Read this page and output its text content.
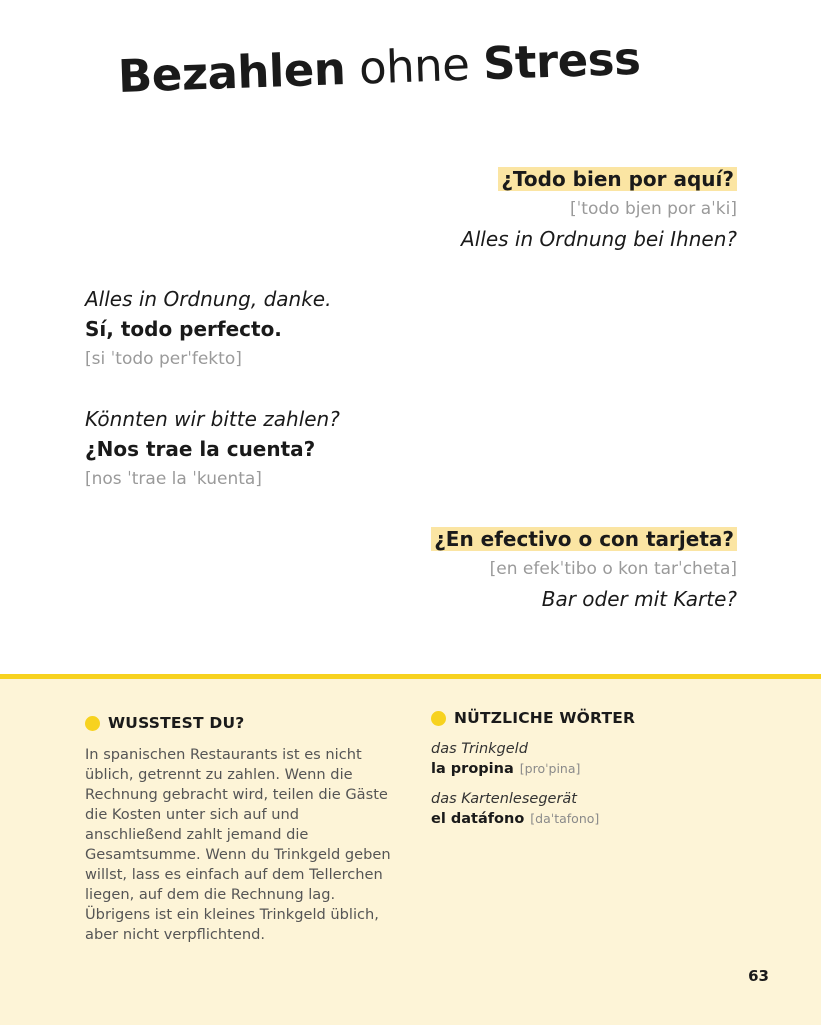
Bezahlen ohne Stress
¿Todo bien por aquí?
[ˈtodo bjen por aˈki]
Alles in Ordnung bei Ihnen?
Alles in Ordnung, danke.
Sí, todo perfecto.
[si ˈtodo perˈfekto]
Könnten wir bitte zahlen?
¿Nos trae la cuenta?
[nos ˈtrae la ˈkuenta]
¿En efectivo o con tarjeta?
[en efekˈtibo o kon tarˈcheta]
Bar oder mit Karte?
WUSSTEST DU?

In spanischen Restaurants ist es nicht üblich, getrennt zu zahlen. Wenn die Rechnung gebracht wird, teilen die Gäste die Kosten unter sich auf und anschließend zahlt jemand die Gesamtsumme. Wenn du Trinkgeld geben willst, lass es einfach auf dem Tellerchen liegen, auf dem die Rechnung lag. Übrigens ist ein kleines Trinkgeld üblich, aber nicht verpflichtend.

NÜTZLICHE WÖRTER
das Trinkgeld
la propina [proˈpina]
das Kartenlesegerät
el datáfono [daˈtafono]
63
